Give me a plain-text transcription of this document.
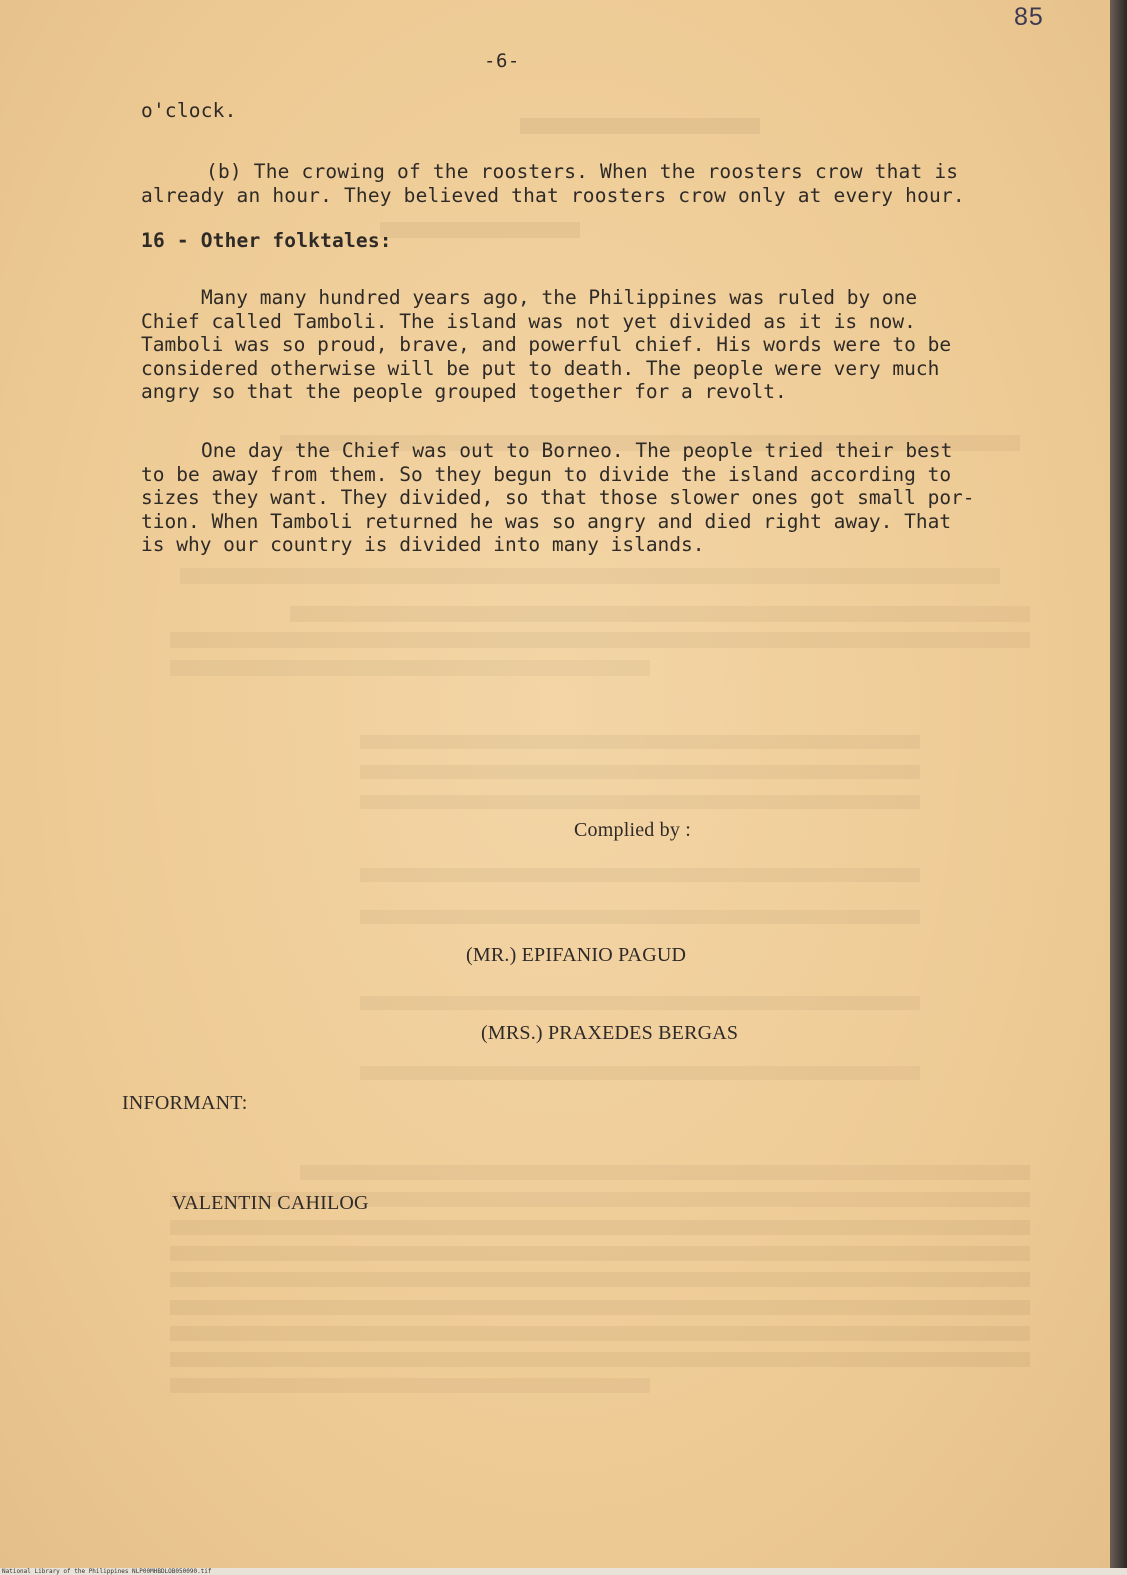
85

-6-

o'clock.

(b) The crowing of the roosters. When the roosters crow that is

already an hour. They believed that roosters crow only at every hour.

16 - Other folktales:

Many many hundred years ago, the Philippines was ruled by one
Chief called Tamboli. The island was not yet divided as it is now.
Tamboli was so proud, brave, and powerful chief. His words were to be
considered otherwise will be put to death. The people were very much
angry so that the people grouped together for a revolt.
One day the Chief was out to Borneo. The people tried their best
to be away from them. So they begun to divide the island according to
sizes they want. They divided, so that those slower ones got small por-
tion. When Tamboli returned he was so angry and died right away. That
is why our country is divided into many islands.

Complied by :

(MR.) EPIFANIO PAGUD

(MRS.) PRAXEDES BERGAS

INFORMANT:

VALENTIN CAHILOG

National Library of the Philippines NLP00MHBDLOB050090.tif
